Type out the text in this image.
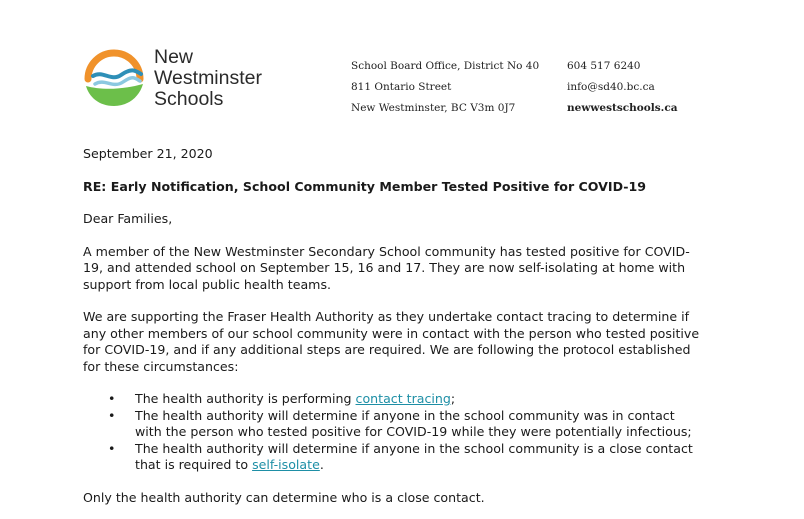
New
Westminster
Schools
School Board Office, District No 40
811 Ontario Street
New Westminster, BC V3m 0J7
604 517 6240
info@sd40.bc.ca
newwestschools.ca

September 21, 2020

RE: Early Notification, School Community Member Tested Positive for COVID-19

Dear Families,

A member of the New Westminster Secondary School community has tested positive for COVID-
19, and attended school on September 15, 16 and 17. They are now self-isolating at home with
support from local public health teams.

We are supporting the Fraser Health Authority as they undertake contact tracing to determine if
any other members of our school community were in contact with the person who tested positive
for COVID-19, and if any additional steps are required. We are following the protocol established
for these circumstances:

• The health authority is performing contact tracing;
• The health authority will determine if anyone in the school community was in contact
with the person who tested positive for COVID-19 while they were potentially infectious;
• The health authority will determine if anyone in the school community is a close contact
that is required to self-isolate.

Only the health authority can determine who is a close contact.
